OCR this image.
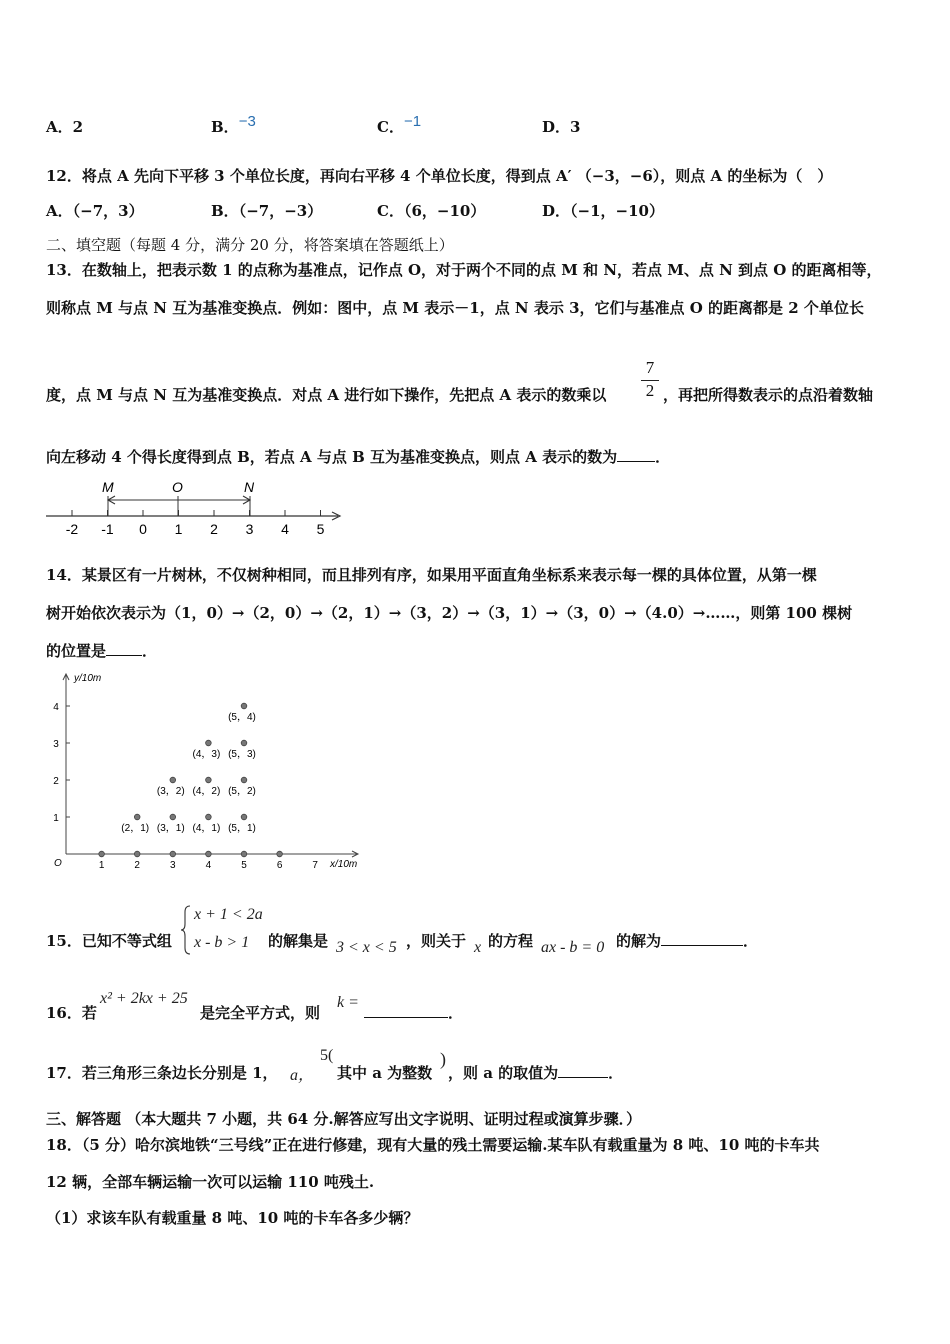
A．2	B．−3	C．−1	D．3
12．将点 A 先向下平移 3 个单位长度，再向右平移 4 个单位长度，得到点 A′ （−3，−6），则点 A 的坐标为（　）
A．（−7，3）	B．（−7，−3）	C．（6，−10）	D．（−1，−10）
二、填空题（每题 4 分，满分 20 分，将答案填在答题纸上）
13．在数轴上，把表示数 1 的点称为基准点，记作点 O，对于两个不同的点 M 和 N，若点 M、点 N 到点 O 的距离相等，
则称点 M 与点 N 互为基准变换点．例如：图中，点 M 表示－1，点 N 表示 3，它们与基准点 O 的距离都是 2 个单位长
度，点 M 与点 N 互为基准变换点．对点 A 进行如下操作，先把点 A 表示的数乘以 $\frac{7}{2}$ ，再把所得数表示的点沿着数轴
向左移动 4 个得长度得到点 B，若点 A 与点 B 互为基准变换点，则点 A 表示的数为	．
-2 -1 0 1 2 3 4 5
M	O	N
14．某景区有一片树林，不仅树种相同，而且排列有序，如果用平面直角坐标系来表示每一棵的具体位置，从第一棵
树开始依次表示为（1，0）→（2，0）→（2，1）→（3，2）→（3，1）→（3，0）→（4.0）→……，则第 100 棵树
的位置是 ．
O
y/10m
x/10m
1	2	3	4	5	6	7
1
2
3
4
(2，1) (3，1) (4，1) (5，1)
(3，2) (4，2) (5，2)
(4，3) (5，3)
(5，4)
15．已知不等式组
x + 1 < 2a
x - b > 1 的解集是 3 < x < 5 ，则关于 x 的方程 ax - b = 0 的解为	．
16．若
x² + 2kx + 25
是完全平方式，则
k =
．
17．若三角形三条边长分别是 1， a，
5(
其中 a 为整数
)
，则 a 的取值为	．
三、解答题 （本大题共 7 小题，共 64 分.解答应写出文字说明、证明过程或演算步骤．）
18．（5 分）哈尔滨地铁“三号线”正在进行修建，现有大量的残土需要运输.某车队有载重量为 8 吨、10 吨的卡车共
12 辆，全部车辆运输一次可以运输 110 吨残土.
（1）求该车队有载重量 8 吨、10 吨的卡车各多少辆？
